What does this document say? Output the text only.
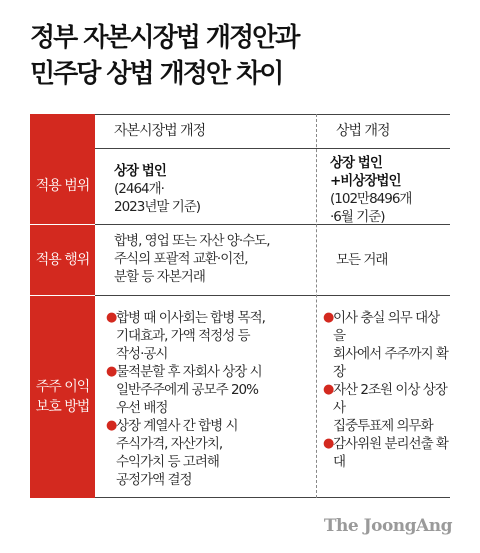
정부 자본시장법 개정안과
민주당 상법 개정안 차이
자본시장법 개정	상법 개정
적용 범위
적용 행위
주주 이익
보호 방법
상장 법인
(2464개·
2023년말 기준)
상장 법인
+비상장법인
(102만8496개
·6월 기준)
합병, 영업 또는 자산 양·수도,
주식의 포괄적 교환·이전,
분할 등 자본거래
모든 거래
● 합병 때 이사회는 합병 목적,
기대효과, 가액 적정성 등
작성·공시
● 물적분할 후 자회사 상장 시
일반주주에게 공모주 20%
우선 배정
● 상장 계열사 간 합병 시
주식가격, 자산가치,
수익가치 등 고려해
공정가액 결정
● 이사 충실 의무 대상을
회사에서 주주까지 확장
● 자산 2조원 이상 상장사
집중투표제 의무화
● 감사위원 분리선출 확대
The JoongAng
